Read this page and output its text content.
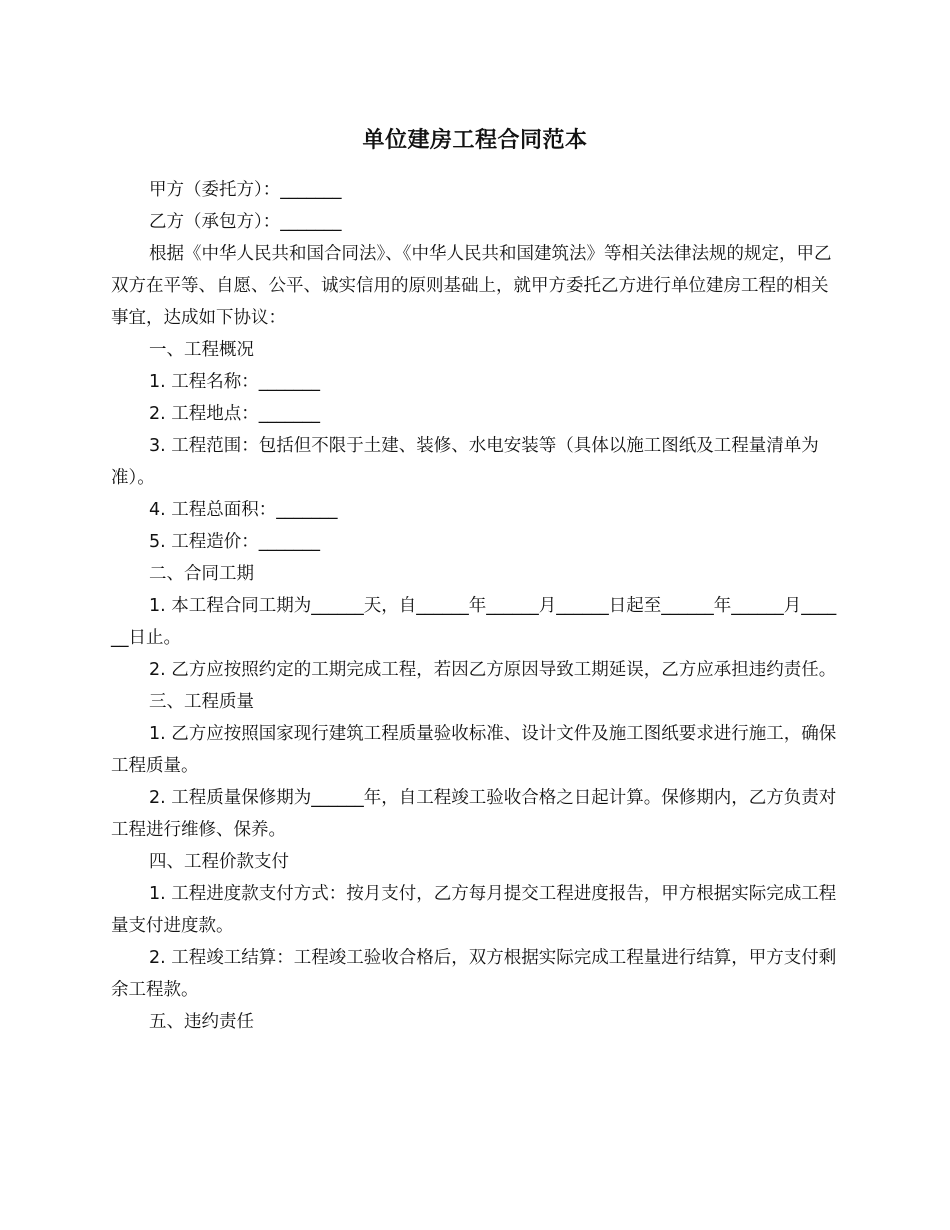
单位建房工程合同范本

甲方（委托方）：_______

乙方（承包方）：_______

根据《中华人民共和国合同法》、《中华人民共和国建筑法》等相关法律法规的规定，甲乙双方在平等、自愿、公平、诚实信用的原则基础上，就甲方委托乙方进行单位建房工程的相关事宜，达成如下协议：

一、工程概况

1. 工程名称：_______

2. 工程地点：_______

3. 工程范围：包括但不限于土建、装修、水电安装等（具体以施工图纸及工程量清单为准）。

4. 工程总面积：_______

5. 工程造价：_______

二、合同工期

1. 本工程合同工期为______天，自______年______月______日起至______年______月______日止。

2. 乙方应按照约定的工期完成工程，若因乙方原因导致工期延误，乙方应承担违约责任。

三、工程质量

1. 乙方应按照国家现行建筑工程质量验收标准、设计文件及施工图纸要求进行施工，确保工程质量。

2. 工程质量保修期为______年，自工程竣工验收合格之日起计算。保修期内，乙方负责对工程进行维修、保养。

四、工程价款支付

1. 工程进度款支付方式：按月支付，乙方每月提交工程进度报告，甲方根据实际完成工程量支付进度款。

2. 工程竣工结算：工程竣工验收合格后，双方根据实际完成工程量进行结算，甲方支付剩余工程款。

五、违约责任
